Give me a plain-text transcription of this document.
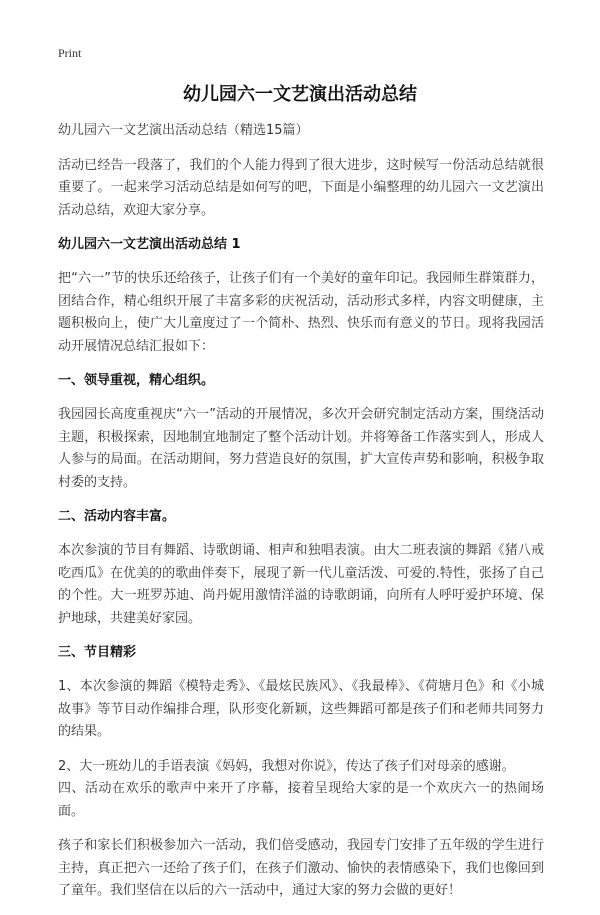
Print
幼儿园六一文艺演出活动总结

幼儿园六一文艺演出活动总结（精选15篇）

活动已经告一段落了，我们的个人能力得到了很大进步，这时候写一份活动总结就很重要了。一起来学习活动总结是如何写的吧，下面是小编整理的幼儿园六一文艺演出活动总结，欢迎大家分享。

幼儿园六一文艺演出活动总结 1

把“六一”节的快乐还给孩子，让孩子们有一个美好的童年印记。我园师生群策群力，团结合作，精心组织开展了丰富多彩的庆祝活动，活动形式多样，内容文明健康，主题积极向上，使广大儿童度过了一个简朴、热烈、快乐而有意义的节日。现将我园活动开展情况总结汇报如下：

一、领导重视，精心组织。

我园园长高度重视庆“六一”活动的开展情况，多次开会研究制定活动方案，围绕活动主题，积极探索，因地制宜地制定了整个活动计划。并将筹备工作落实到人，形成人人参与的局面。在活动期间，努力营造良好的氛围，扩大宣传声势和影响，积极争取村委的支持。

二、活动内容丰富。

本次参演的节目有舞蹈、诗歌朗诵、相声和独唱表演。由大二班表演的舞蹈《猪八戒吃西瓜》在优美的的歌曲伴奏下，展现了新一代儿童活泼、可爱的.特性，张扬了自己的个性。大一班罗苏迪、尚丹妮用激情洋溢的诗歌朗诵，向所有人呼吁爱护环境、保护地球，共建美好家园。

三、节目精彩

1、本次参演的舞蹈《模特走秀》、《最炫民族风》、《我最棒》、《荷塘月色》和《小城故事》等节目动作编排合理，队形变化新颖，这些舞蹈可都是孩子们和老师共同努力的结果。

2、大一班幼儿的手语表演《妈妈，我想对你说》，传达了孩子们对母亲的感谢。

四、活动在欢乐的歌声中来开了序幕，接着呈现给大家的是一个欢庆六一的热闹场面。

孩子和家长们积极参加六一活动，我们倍受感动，我园专门安排了五年级的学生进行主持，真正把六一还给了孩子们，在孩子们激动、愉快的表情感染下，我们也像回到了童年。我们坚信在以后的六一活动中，通过大家的努力会做的更好！
